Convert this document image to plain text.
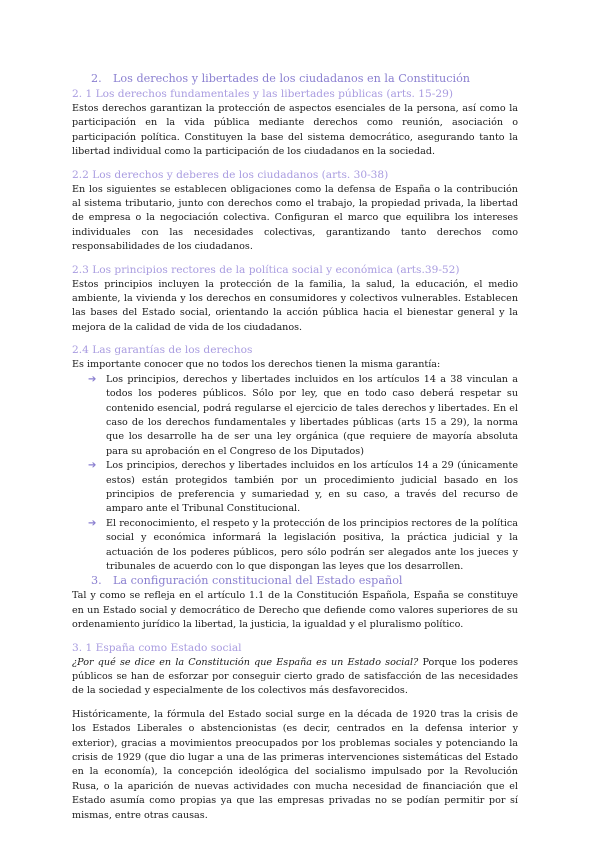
2. Los derechos y libertades de los ciudadanos en la Constitución
2. 1 Los derechos fundamentales y las libertades públicas (arts. 15-29)

Estos derechos garantizan la protección de aspectos esenciales de la persona, así como la participación en la vida pública mediante derechos como reunión, asociación o participación política. Constituyen la base del sistema democrático, asegurando tanto la libertad individual como la participación de los ciudadanos en la sociedad.

2.2 Los derechos y deberes de los ciudadanos (arts. 30-38)

En los siguientes se establecen obligaciones como la defensa de España o la contribución al sistema tributario, junto con derechos como el trabajo, la propiedad privada, la libertad de empresa o la negociación colectiva. Configuran el marco que equilibra los intereses individuales con las necesidades colectivas, garantizando tanto derechos como responsabilidades de los ciudadanos.

2.3 Los principios rectores de la política social y económica (arts.39-52)

Estos principios incluyen la protección de la familia, la salud, la educación, el medio ambiente, la vivienda y los derechos en consumidores y colectivos vulnerables. Establecen las bases del Estado social, orientando la acción pública hacia el bienestar general y la mejora de la calidad de vida de los ciudadanos.

2.4 Las garantías de los derechos

Es importante conocer que no todos los derechos tienen la misma garantía:

➔ Los principios, derechos y libertades incluidos en los artículos 14 a 38 vinculan a todos los poderes públicos. Sólo por ley, que en todo caso deberá respetar su contenido esencial, podrá regularse el ejercicio de tales derechos y libertades. En el caso de los derechos fundamentales y libertades públicas (arts 15 a 29), la norma que los desarrolle ha de ser una ley orgánica (que requiere de mayoría absoluta para su aprobación en el Congreso de los Diputados)
➔ Los principios, derechos y libertades incluidos en los artículos 14 a 29 (únicamente estos) están protegidos también por un procedimiento judicial basado en los principios de preferencia y sumariedad y, en su caso, a través del recurso de amparo ante el Tribunal Constitucional.
➔ El reconocimiento, el respeto y la protección de los principios rectores de la política social y económica informará la legislación positiva, la práctica judicial y la actuación de los poderes públicos, pero sólo podrán ser alegados ante los jueces y tribunales de acuerdo con lo que dispongan las leyes que los desarrollen.
3. La configuración constitucional del Estado español

Tal y como se refleja en el artículo 1.1 de la Constitución Española, España se constituye en un Estado social y democrático de Derecho que defiende como valores superiores de su ordenamiento jurídico la libertad, la justicia, la igualdad y el pluralismo político.

3. 1 España como Estado social

¿Por qué se dice en la Constitución que España es un Estado social? Porque los poderes públicos se han de esforzar por conseguir cierto grado de satisfacción de las necesidades de la sociedad y especialmente de los colectivos más desfavorecidos.

Históricamente, la fórmula del Estado social surge en la década de 1920 tras la crisis de los Estados Liberales o abstencionistas (es decir, centrados en la defensa interior y exterior), gracias a movimientos preocupados por los problemas sociales y potenciando la crisis de 1929 (que dio lugar a una de las primeras intervenciones sistemáticas del Estado en la economía), la concepción ideológica del socialismo impulsado por la Revolución Rusa, o la aparición de nuevas actividades con mucha necesidad de financiación que el Estado asumía como propias ya que las empresas privadas no se podían permitir por sí mismas, entre otras causas.
